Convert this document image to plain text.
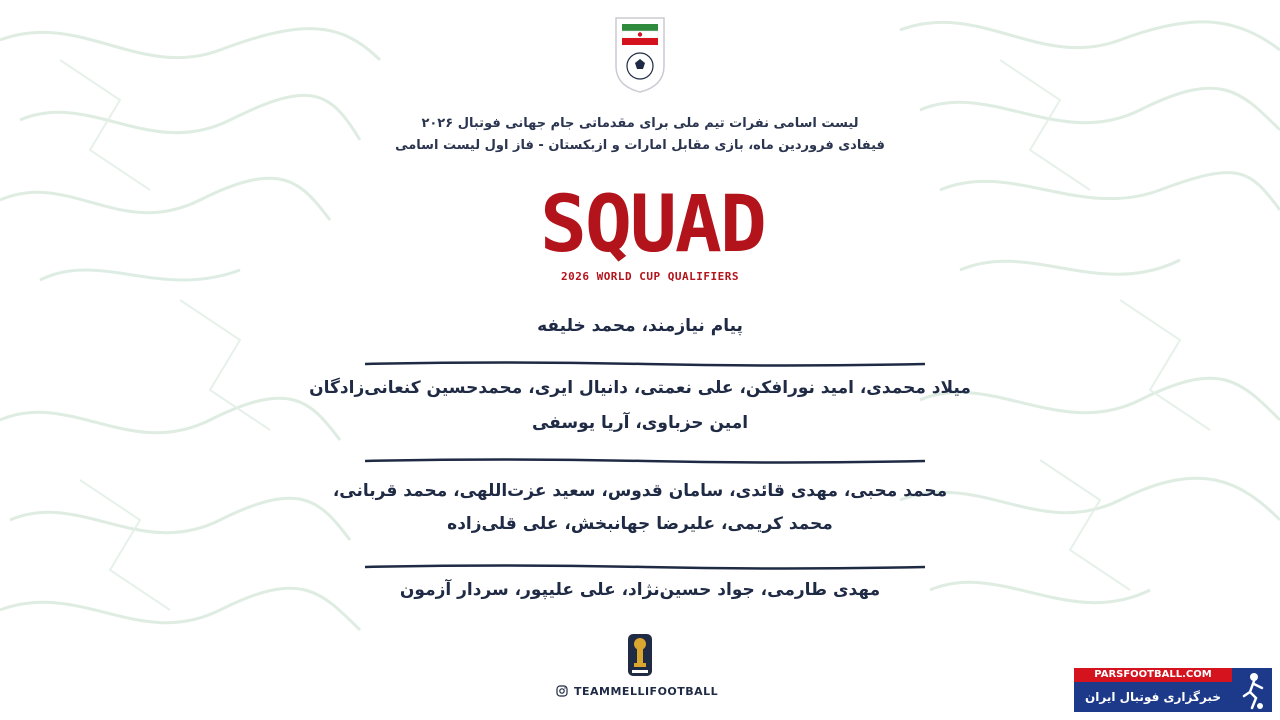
لیست اسامی نفرات تیم ملی برای مقدماتی جام جهانی فوتبال ۲۰۲۶
فیفادی فروردین ماه، بازی مقابل امارات و ازبکستان - فاز اول لیست اسامی
SQUAD
2026 WORLD CUP QUALIFIERS
پیام نیازمند، محمد خلیفه
میلاد محمدی، امید نورافکن، علی نعمتی، دانیال ایری، محمدحسین کنعانی‌زادگان
امین حزباوی، آریا یوسفی
محمد محبی، مهدی قائدی، سامان قدوس، سعید عزت‌اللهی، محمد قربانی،
محمد کریمی، علیرضا جهانبخش، علی قلی‌زاده
مهدی طارمی، جواد حسین‌نژاد، علی علیپور، سردار آزمون
TEAMMELLIFOOTBALL
PARSFOOTBALL.COM
خبرگزاری فوتبال ایران
